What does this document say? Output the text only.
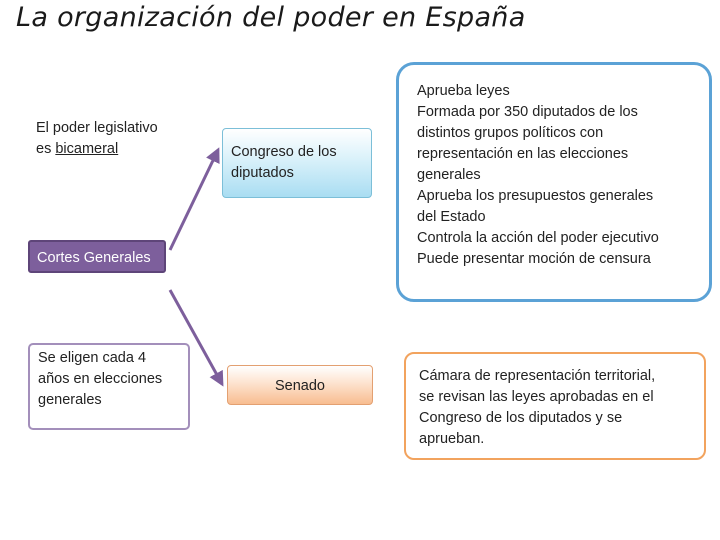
La organización del poder en España
El poder legislativo
es bicameral
Cortes Generales
Se eligen cada 4
años en elecciones
generales
Congreso de los
diputados
Senado
Aprueba leyes
Formada por 350 diputados de los
distintos grupos políticos con
representación en las elecciones
generales
Aprueba los presupuestos generales
del Estado
Controla la acción del poder ejecutivo
Puede presentar moción de censura
Cámara de representación territorial,
se revisan las leyes aprobadas en el
Congreso de los diputados y se
aprueban.
